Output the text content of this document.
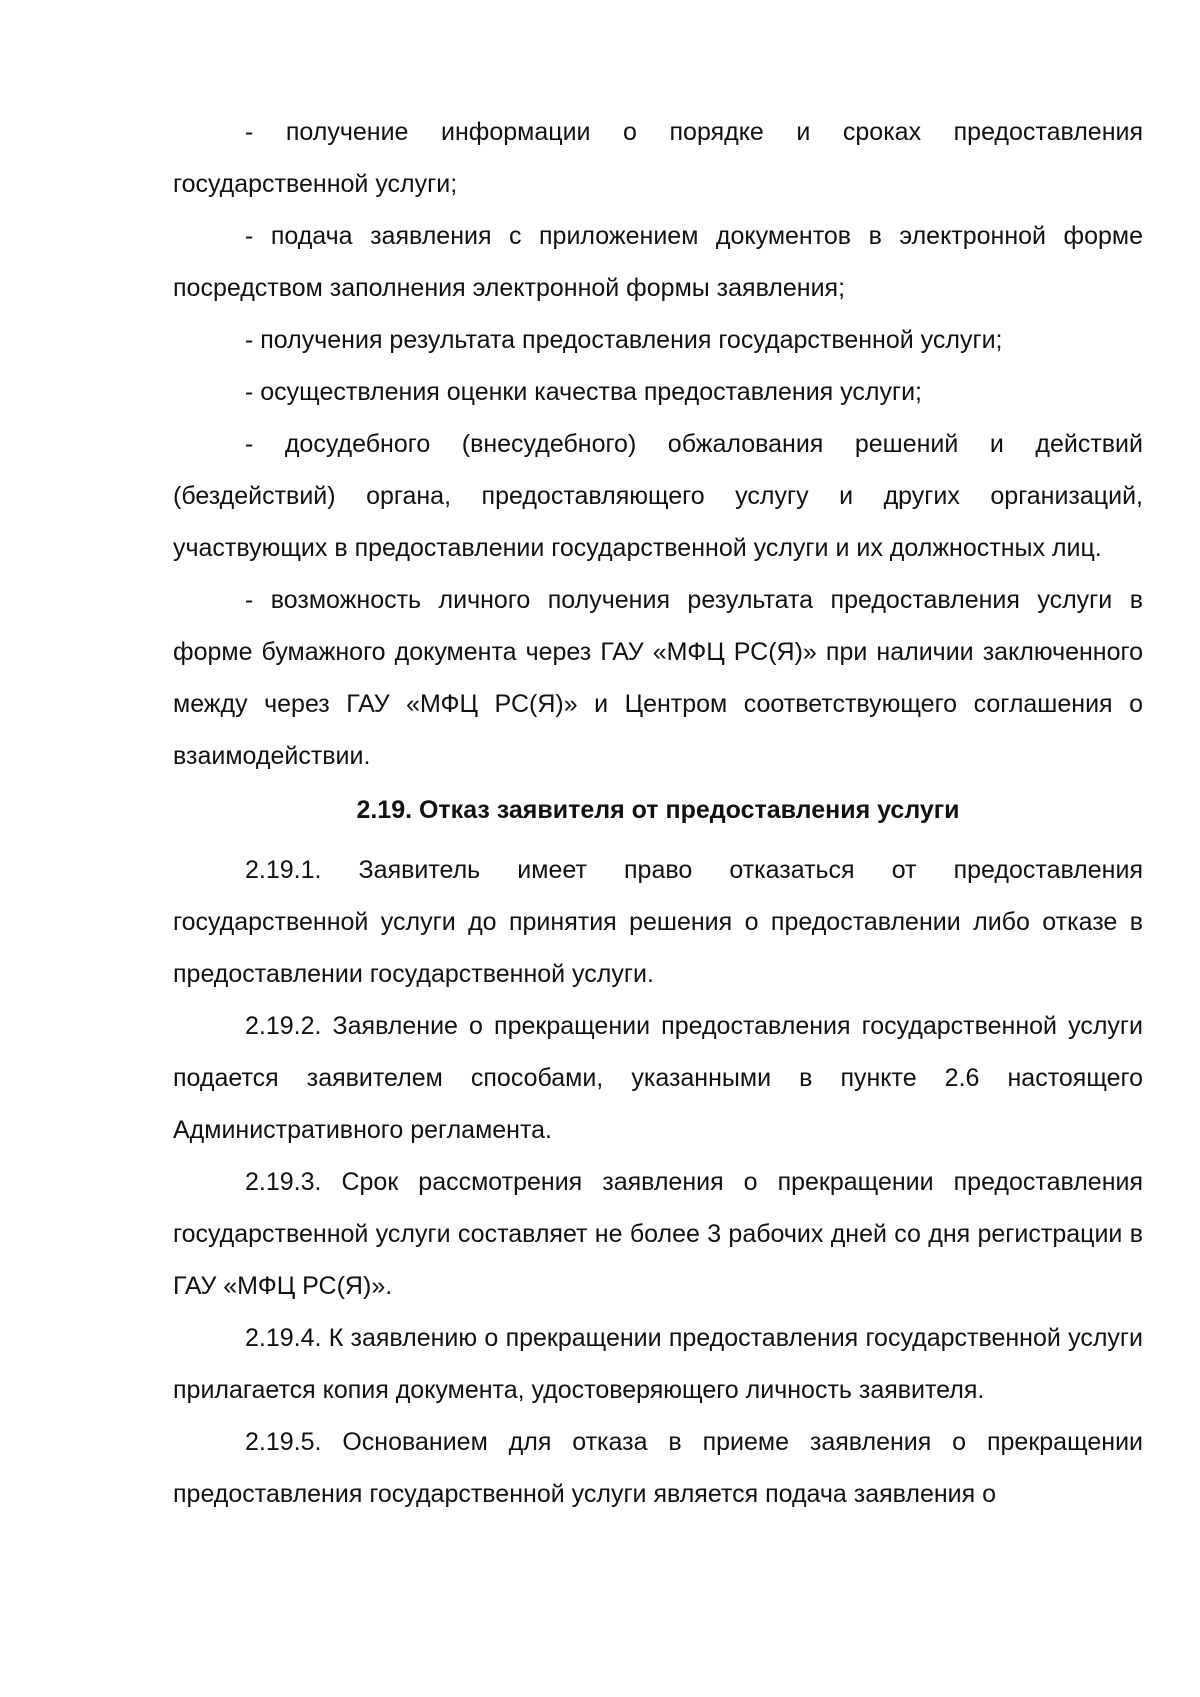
- получение информации о порядке и сроках предоставления государственной услуги;

- подача заявления с приложением документов в электронной форме посредством заполнения электронной формы заявления;

- получения результата предоставления государственной услуги;

- осуществления оценки качества предоставления услуги;

- досудебного (внесудебного) обжалования решений и действий (бездействий) органа, предоставляющего услугу и других организаций, участвующих в предоставлении государственной услуги и их должностных лиц.

- возможность личного получения результата предоставления услуги в форме бумажного документа через ГАУ «МФЦ РС(Я)» при наличии заключенного между через ГАУ «МФЦ РС(Я)» и Центром соответствующего соглашения о взаимодействии.

2.19. Отказ заявителя от предоставления услуги

2.19.1. Заявитель имеет право отказаться от предоставления государственной услуги до принятия решения о предоставлении либо отказе в предоставлении государственной услуги.

2.19.2. Заявление о прекращении предоставления государственной услуги подается заявителем способами, указанными в пункте 2.6 настоящего Административного регламента.

2.19.3. Срок рассмотрения заявления о прекращении предоставления государственной услуги составляет не более 3 рабочих дней со дня регистрации в ГАУ «МФЦ РС(Я)».

2.19.4. К заявлению о прекращении предоставления государственной услуги прилагается копия документа, удостоверяющего личность заявителя.

2.19.5. Основанием для отказа в приеме заявления о прекращении предоставления государственной услуги является подача заявления о
